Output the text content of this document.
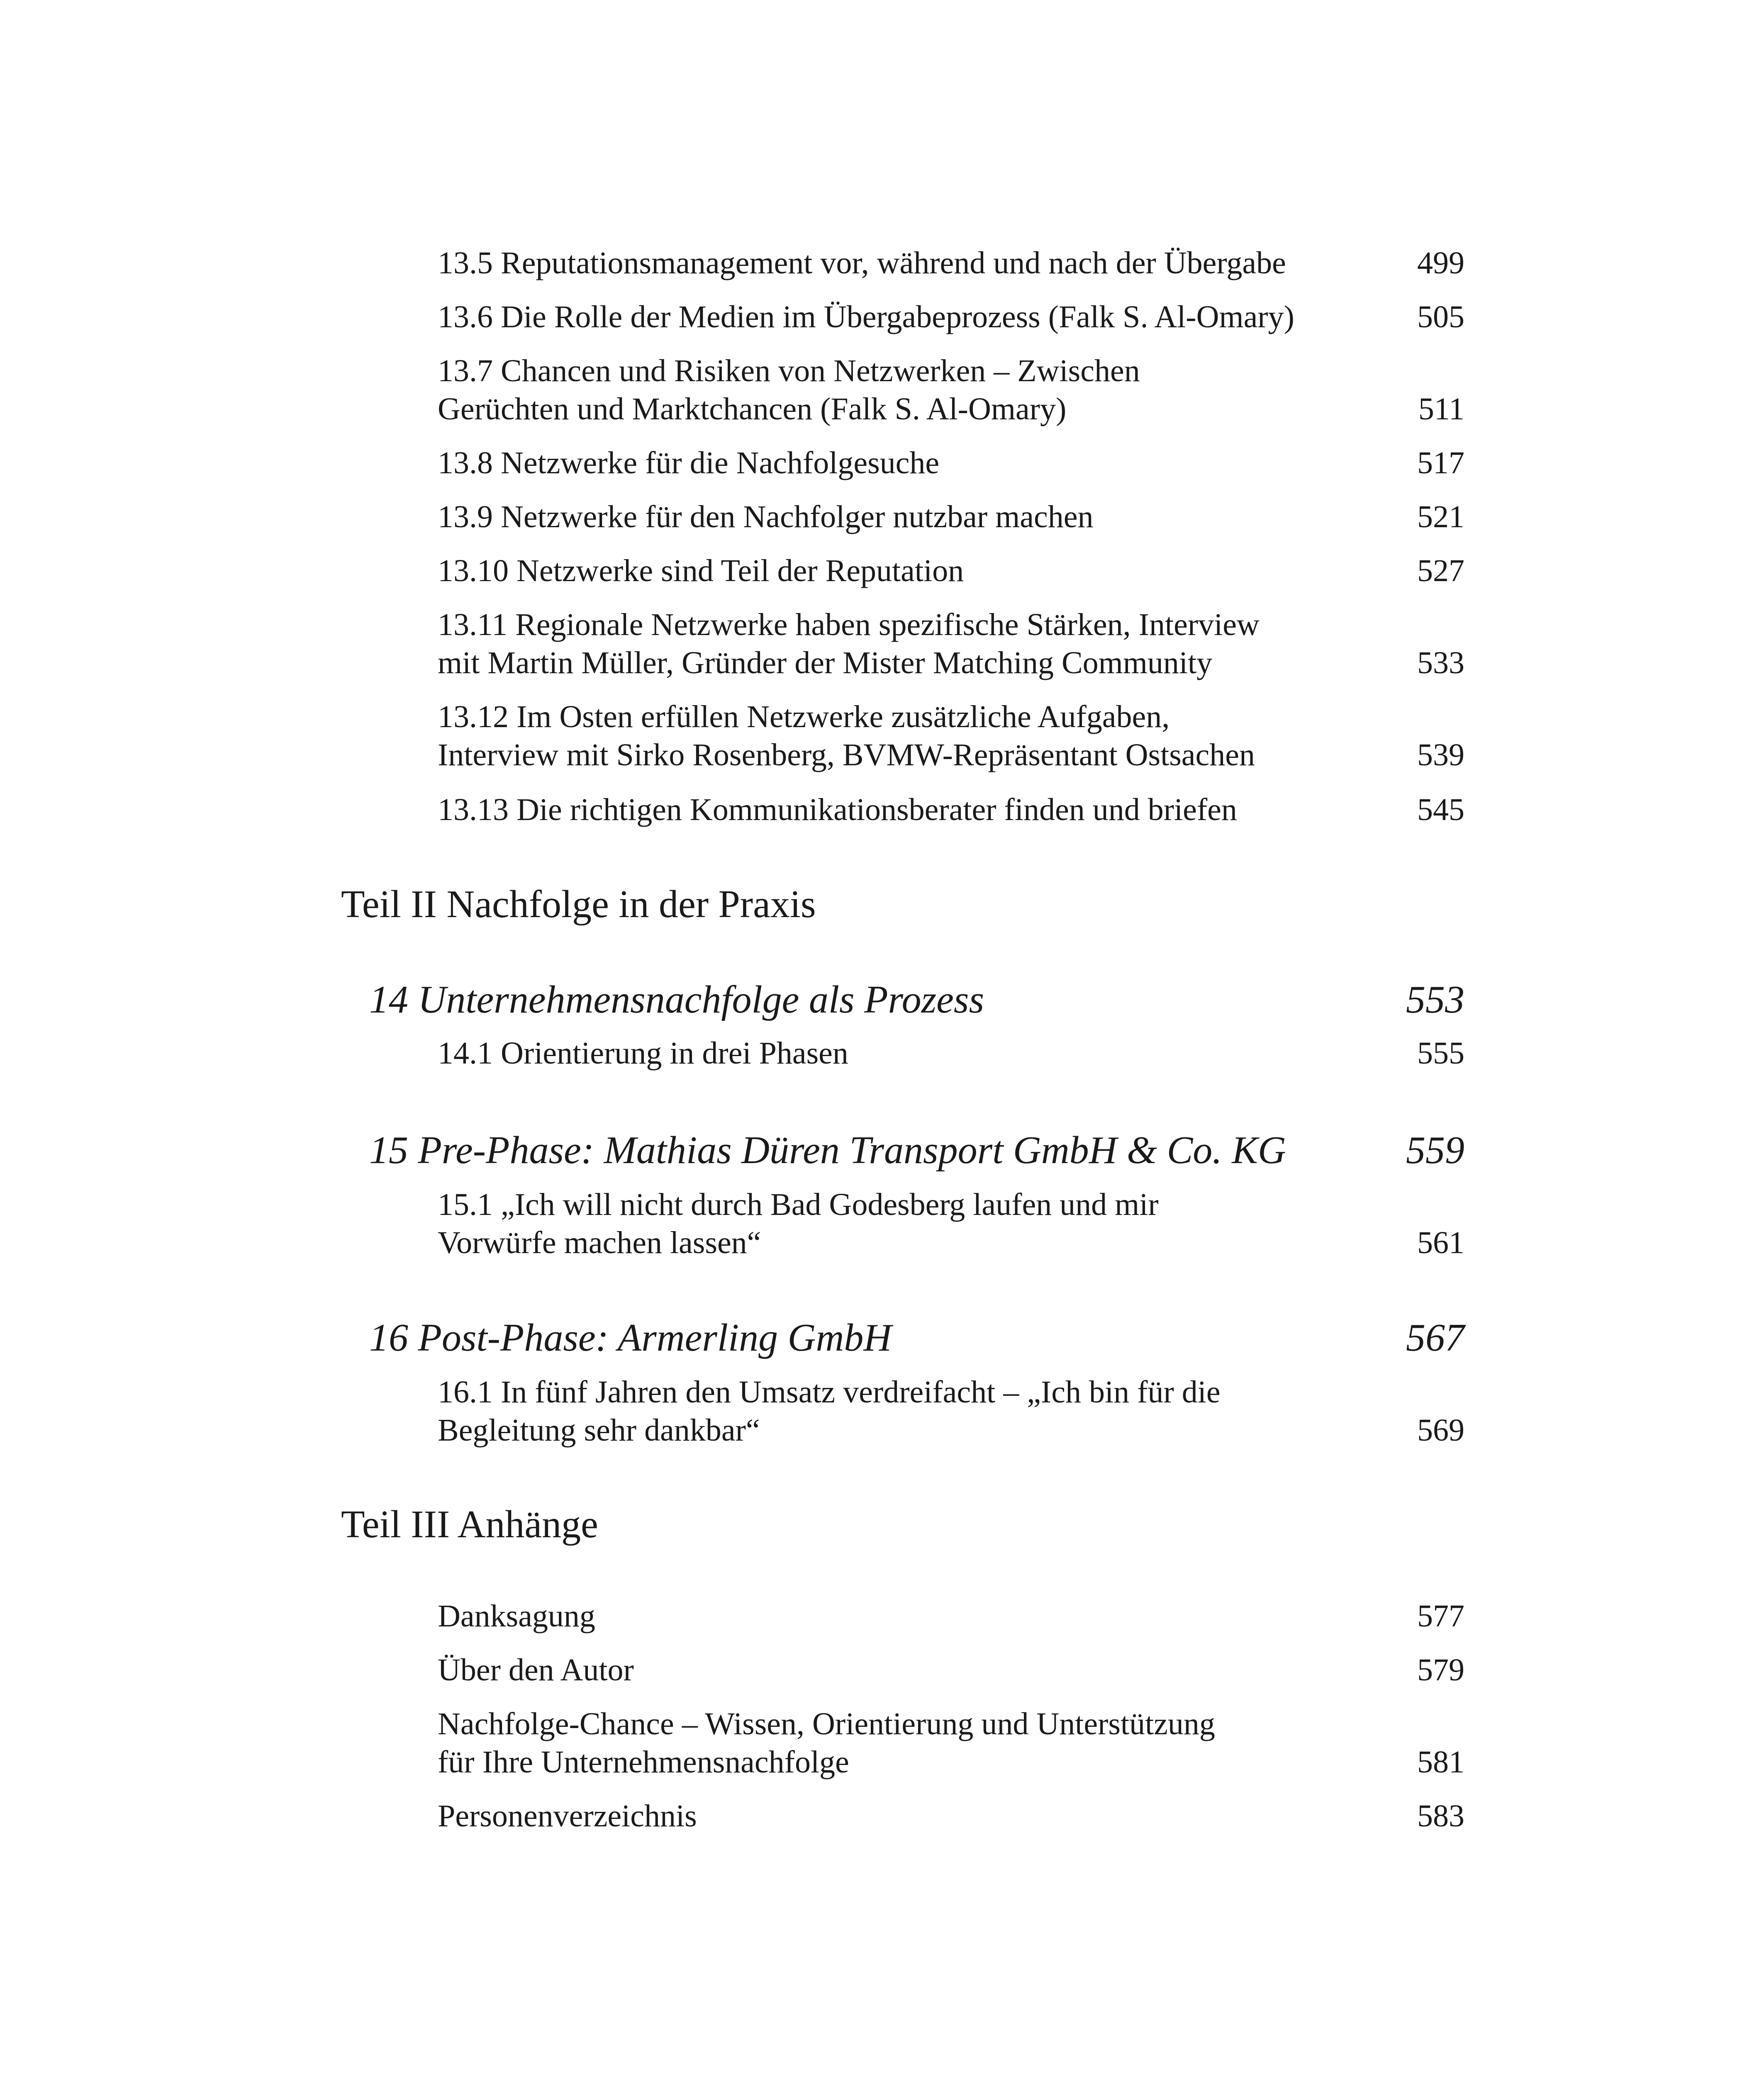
13.5 Reputationsmanagement vor, während und nach der Übergabe	499
13.6 Die Rolle der Medien im Übergabeprozess (Falk S. Al-Omary)	505
13.7 Chancen und Risiken von Netzwerken – Zwischen
Gerüchten und Marktchancen (Falk S. Al-Omary)	511
13.8 Netzwerke für die Nachfolgesuche	517
13.9 Netzwerke für den Nachfolger nutzbar machen	521
13.10 Netzwerke sind Teil der Reputation	527
13.11 Regionale Netzwerke haben spezifische Stärken, Interview
mit Martin Müller, Gründer der Mister Matching Community	533
13.12 Im Osten erfüllen Netzwerke zusätzliche Aufgaben,
Interview mit Sirko Rosenberg, BVMW-Repräsentant Ostsachen	539
13.13 Die richtigen Kommunikationsberater finden und briefen	545
Teil II Nachfolge in der Praxis
14 Unternehmensnachfolge als Prozess	553
14.1 Orientierung in drei Phasen	555
15 Pre-Phase: Mathias Düren Transport GmbH & Co. KG	559
15.1 „Ich will nicht durch Bad Godesberg laufen und mir
Vorwürfe machen lassen“	561
16 Post-Phase: Armerling GmbH	567
16.1 In fünf Jahren den Umsatz verdreifacht – „Ich bin für die
Begleitung sehr dankbar“	569
Teil III Anhänge
Danksagung	577
Über den Autor	579
Nachfolge-Chance – Wissen, Orientierung und Unterstützung
für Ihre Unternehmensnachfolge	581
Personenverzeichnis	583
